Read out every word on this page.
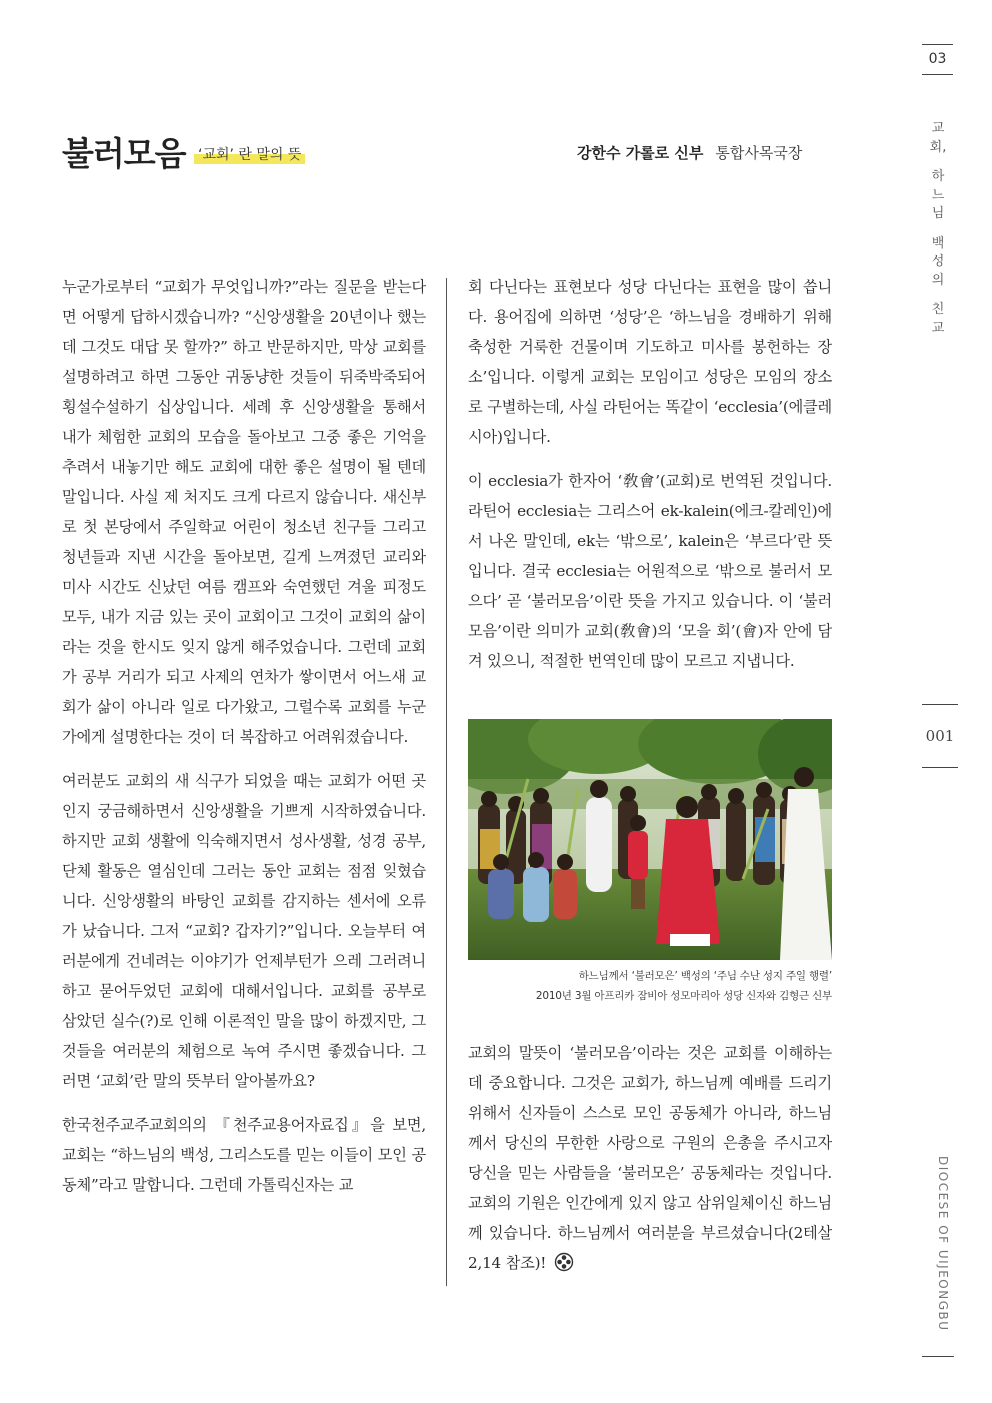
불러모음 ‘교회’ 란 말의 뜻	강한수 가롤로 신부 통합사목국장
03
교
회,
하
느
님
백
성
의
친
교
001
DIOCESE OF UIJEONGBU

누군가로부터 “교회가 무엇입니까?”라는 질문을 받는다면 어떻게 답하시겠습니까? “신앙생활을 20년이나 했는데 그것도 대답 못 할까?” 하고 반문하지만, 막상 교회를 설명하려고 하면 그동안 귀동냥한 것들이 뒤죽박죽되어 횡설수설하기 십상입니다. 세례 후 신앙생활을 통해서 내가 체험한 교회의 모습을 돌아보고 그중 좋은 기억을 추려서 내놓기만 해도 교회에 대한 좋은 설명이 될 텐데 말입니다. 사실 제 처지도 크게 다르지 않습니다. 새신부로 첫 본당에서 주일학교 어린이 청소년 친구들 그리고 청년들과 지낸 시간을 돌아보면, 길게 느껴졌던 교리와 미사 시간도 신났던 여름 캠프와 숙연했던 겨울 피정도 모두, 내가 지금 있는 곳이 교회이고 그것이 교회의 삶이라는 것을 한시도 잊지 않게 해주었습니다. 그런데 교회가 공부 거리가 되고 사제의 연차가 쌓이면서 어느새 교회가 삶이 아니라 일로 다가왔고, 그럴수록 교회를 누군가에게 설명한다는 것이 더 복잡하고 어려워졌습니다.

여러분도 교회의 새 식구가 되었을 때는 교회가 어떤 곳인지 궁금해하면서 신앙생활을 기쁘게 시작하였습니다. 하지만 교회 생활에 익숙해지면서 성사생활, 성경 공부, 단체 활동은 열심인데 그러는 동안 교회는 점점 잊혔습니다. 신앙생활의 바탕인 교회를 감지하는 센서에 오류가 났습니다. 그저 “교회? 갑자기?”입니다. 오늘부터 여러분에게 건네려는 이야기가 언제부턴가 으레 그러려니 하고 묻어두었던 교회에 대해서입니다. 교회를 공부로 삼았던 실수(?)로 인해 이론적인 말을 많이 하겠지만, 그것들을 여러분의 체험으로 녹여 주시면 좋겠습니다. 그러면 ‘교회’란 말의 뜻부터 알아볼까요?

한국천주교주교회의의 『천주교용어자료집』을 보면, 교회는 “하느님의 백성, 그리스도를 믿는 이들이 모인 공동체”라고 말합니다. 그런데 가톨릭신자는 교

회 다닌다는 표현보다 성당 다닌다는 표현을 많이 씁니다. 용어집에 의하면 ‘성당’은 ‘하느님을 경배하기 위해 축성한 거룩한 건물이며 기도하고 미사를 봉헌하는 장소’입니다. 이렇게 교회는 모임이고 성당은 모임의 장소로 구별하는데, 사실 라틴어는 똑같이 ‘ecclesia’(에클레시아)입니다.

이 ecclesia가 한자어 ‘敎會’(교회)로 번역된 것입니다. 라틴어 ecclesia는 그리스어 ek-kalein(에크-칼레인)에서 나온 말인데, ek는 ‘밖으로’, kalein은 ‘부르다’란 뜻입니다. 결국 ecclesia는 어원적으로 ‘밖으로 불러서 모으다’ 곧 ‘불러모음’이란 뜻을 가지고 있습니다. 이 ‘불러모음’이란 의미가 교회(敎會)의 ‘모을 회’(會)자 안에 담겨 있으니, 적절한 번역인데 많이 모르고 지냅니다.

교회의 말뜻이 ‘불러모음’이라는 것은 교회를 이해하는 데 중요합니다. 그것은 교회가, 하느님께 예배를 드리기 위해서 신자들이 스스로 모인 공동체가 아니라, 하느님께서 당신의 무한한 사랑으로 구원의 은총을 주시고자 당신을 믿는 사람들을 ‘불러모은’ 공동체라는 것입니다. 교회의 기원은 인간에게 있지 않고 삼위일체이신 하느님께 있습니다. 하느님께서 여러분을 부르셨습니다(2테살 2,14 참조)!

하느님께서 ‘불러모은’ 백성의 ‘주님 수난 성지 주일 행렬’
2010년 3월 아프리카 잠비아 성모마리아 성당 신자와 김형근 신부
